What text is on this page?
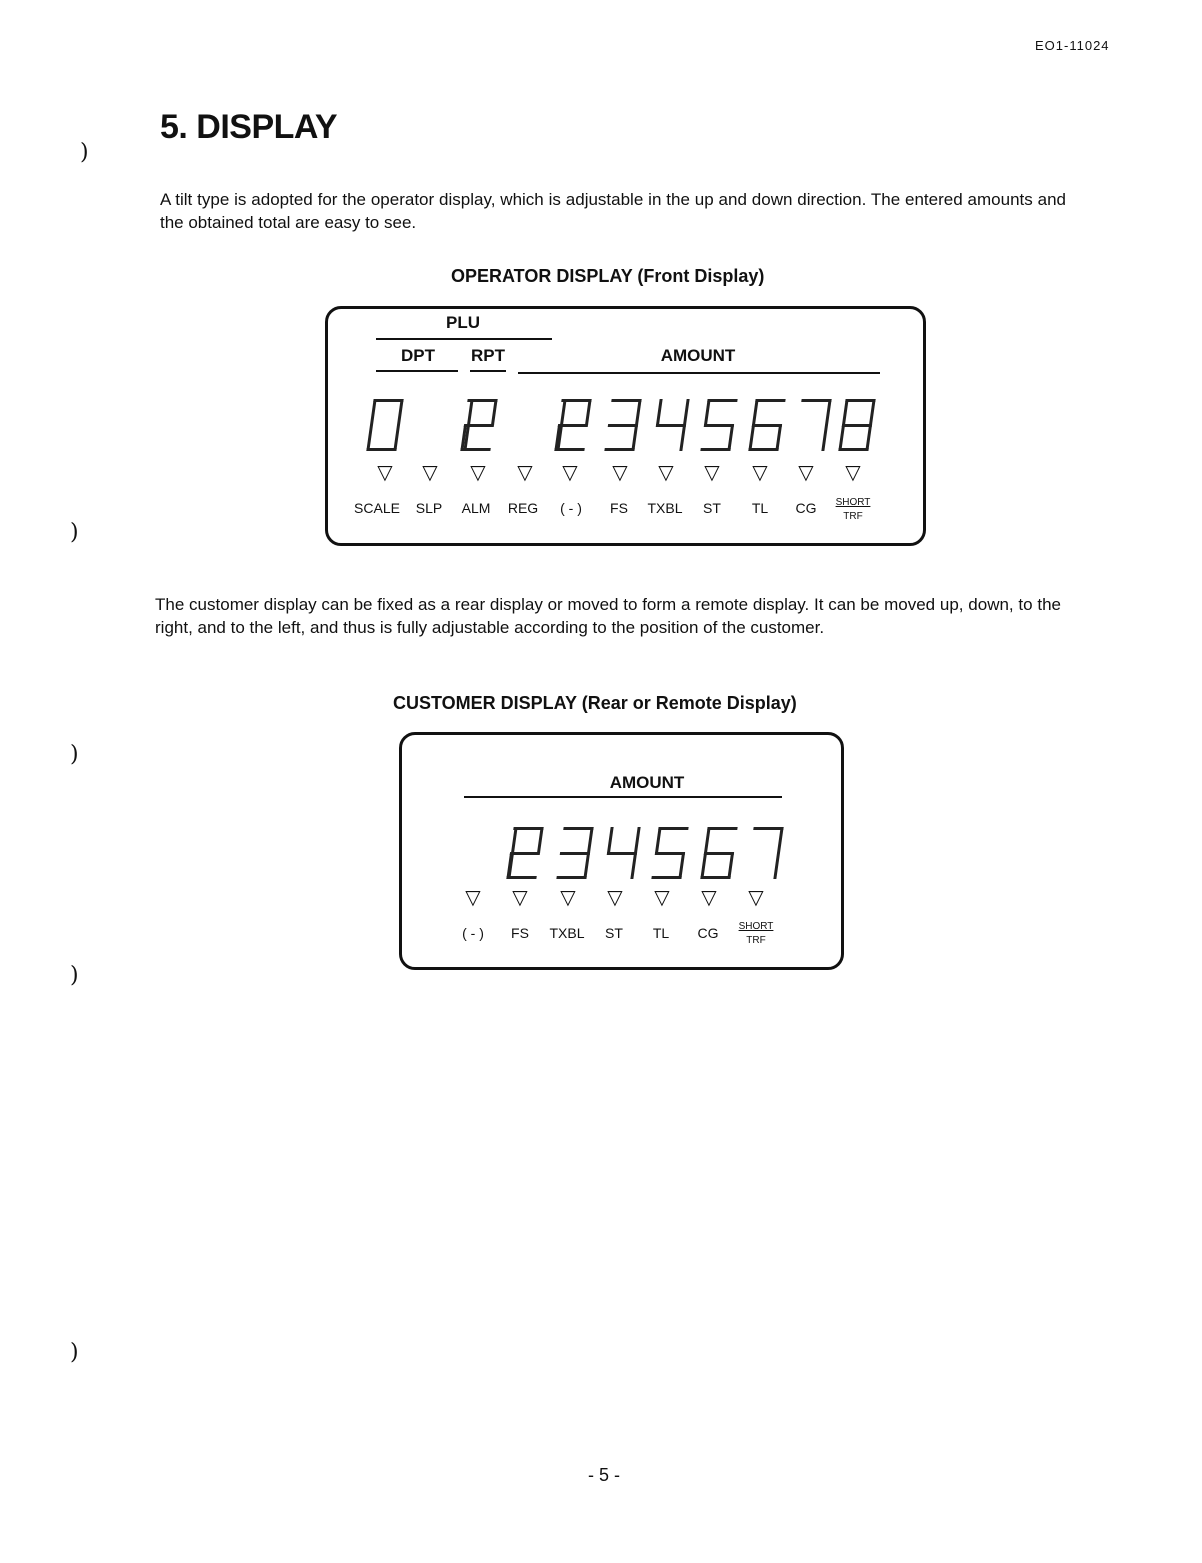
EO1-11024
5. DISPLAY
A tilt type is adopted for the operator display, which is adjustable in the up and down direction. The entered amounts and the obtained total are easy to see.
OPERATOR DISPLAY (Front Display)
PLU
DPT	RPT	AMOUNT
▽ ▽ ▽ ▽ ▽ ▽ ▽ ▽ ▽ ▽ ▽
SCALE SLP ALM REG ( - ) FS TXBL ST TL CG SHORT
TRF
The customer display can be fixed as a rear display or moved to form a remote display. It can be moved up, down, to the right, and to the left, and thus is fully adjustable according to the position of the customer.
CUSTOMER DISPLAY (Rear or Remote Display)
AMOUNT
▽ ▽ ▽ ▽ ▽ ▽ ▽
( - ) FS TXBL ST TL CG SHORT
TRF
)
)
)
)
)
- 5 -
